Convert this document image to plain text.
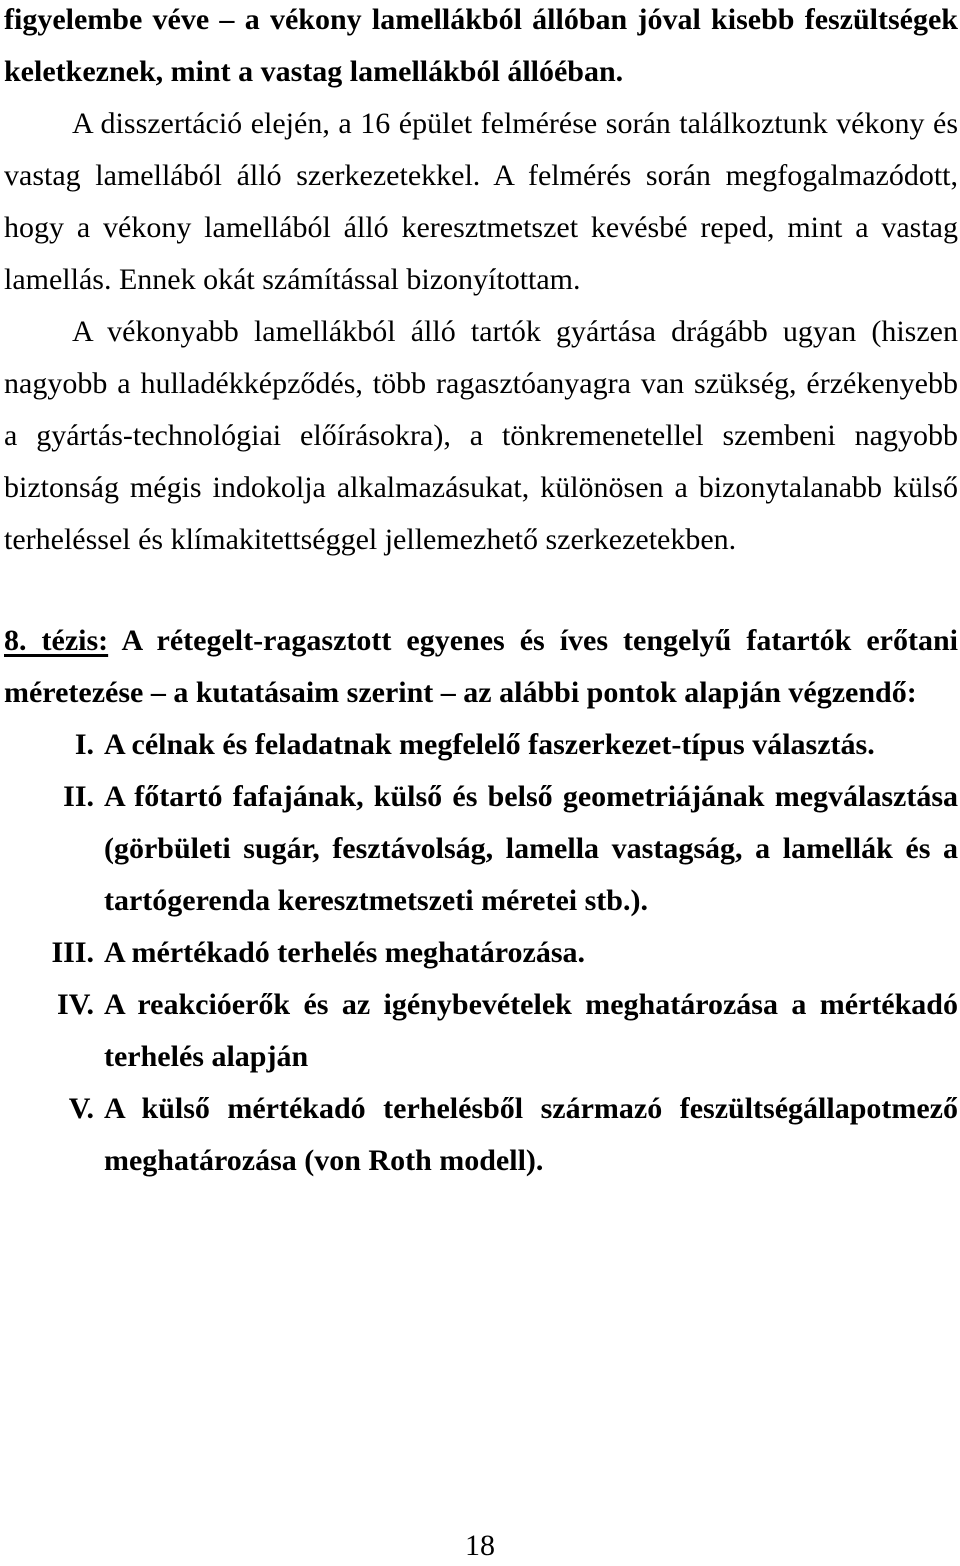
figyelembe véve – a vékony lamellákból állóban jóval kisebb feszültségek keletkeznek, mint a vastag lamellákból állóéban.

A disszertáció elején, a 16 épület felmérése során találkoztunk vékony és vastag lamellából álló szerkezetekkel. A felmérés során megfogalmazódott, hogy a vékony lamellából álló keresztmetszet kevésbé reped, mint a vastag lamellás. Ennek okát számítással bizonyítottam.

A vékonyabb lamellákból álló tartók gyártása drágább ugyan (hiszen nagyobb a hulladékképződés, több ragasztóanyagra van szükség, érzékenyebb a gyártás-technológiai előírásokra), a tönkremenetellel szembeni nagyobb biztonság mégis indokolja alkalmazásukat, különösen a bizonytalanabb külső terheléssel és klímakitettséggel jellemezhető szerkezetekben.

8. tézis: A rétegelt-ragasztott egyenes és íves tengelyű fatartók erőtani méretezése – a kutatásaim szerint – az alábbi pontok alapján végzendő:

I. A célnak és feladatnak megfelelő faszerkezet-típus választás.
II. A főtartó fafajának, külső és belső geometriájának megválasztása (görbületi sugár, fesztávolság, lamella vastagság, a lamellák és a tartógerenda keresztmetszeti méretei stb.).
III. A mértékadó terhelés meghatározása.
IV. A reakcióerők és az igénybevételek meghatározása a mértékadó terhelés alapján
V. A külső mértékadó terhelésből származó feszültségállapotmező meghatározása (von Roth modell).
18
